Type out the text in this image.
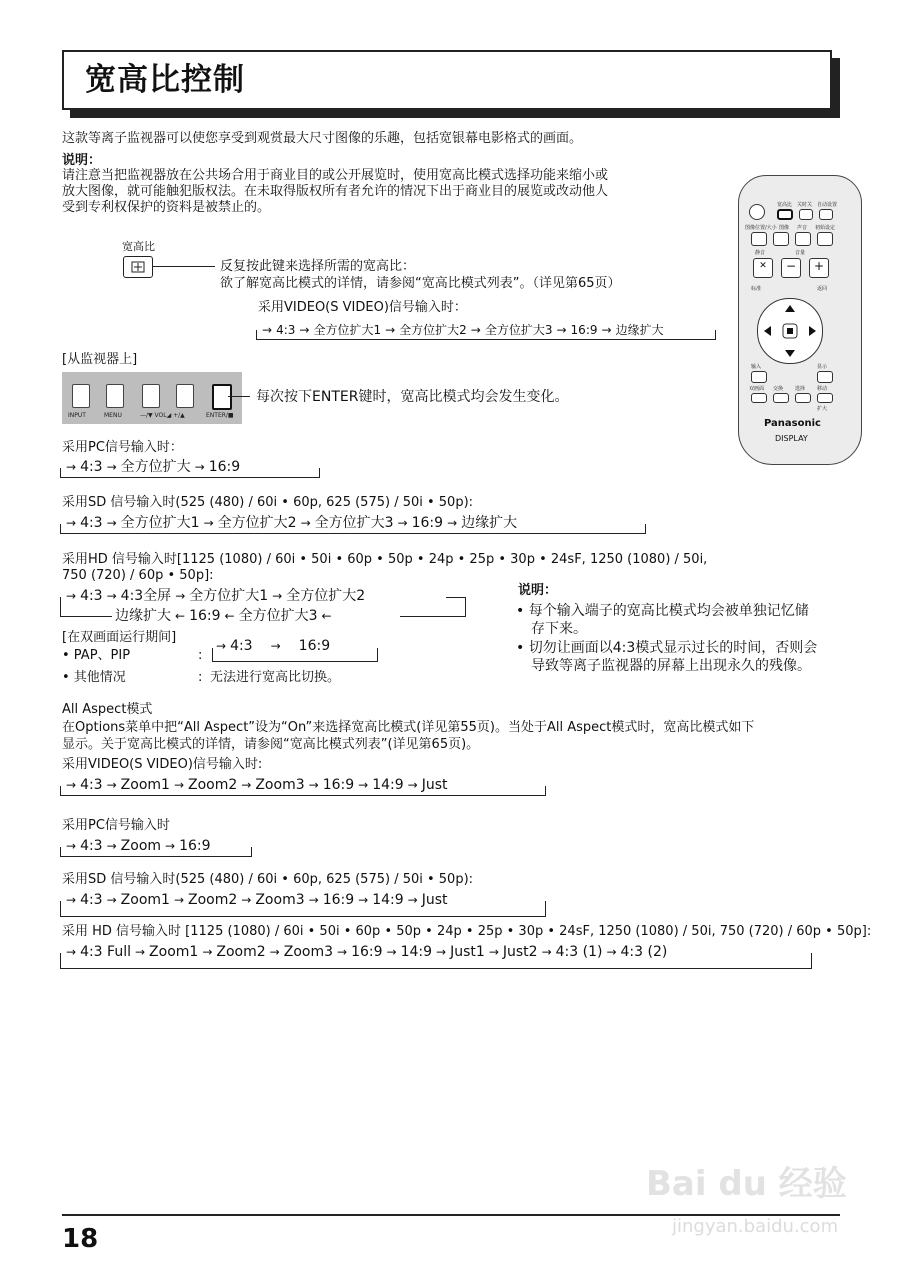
宽高比控制
这款等离子监视器可以使您享受到观赏最大尺寸图像的乐趣，包括宽银幕电影格式的画面。
说明：
请注意当把监视器放在公共场合用于商业目的或公开展览时，使用宽高比模式选择功能来缩小或
放大图像，就可能触犯版权法。在未取得版权所有者允许的情况下出于商业目的展览或改动他人
受到专利权保护的资料是被禁止的。
宽高比
反复按此键来选择所需的宽高比：
欲了解宽高比模式的详情，请参阅“宽高比模式列表”。（详见第65页）
采用VIDEO(S VIDEO)信号输入时：
→ 4:3 → 全方位扩大1 → 全方位扩大2 → 全方位扩大3 → 16:9 → 边缘扩大
[从监视器上]
INPUT	MENU	—/▼ VOL◢ +/▲	ENTER/■
每次按下ENTER键时，宽高比模式均会发生变化。
宽高比 关时关 自动设置
图像位置/大小 图像 声音 初始设定
静音	音量
✕	−	+
标准	返回
输入	显示
双画面 交换 选择 移动
扩大
Panasonic
DISPLAY
采用PC信号输入时：
→ 4:3 → 全方位扩大 → 16:9
采用SD 信号输入时(525 (480) / 60i • 60p, 625 (575) / 50i • 50p):
→ 4:3 → 全方位扩大1 → 全方位扩大2 → 全方位扩大3 → 16:9 → 边缘扩大
采用HD 信号输入时[1125 (1080) / 60i • 50i • 60p • 50p • 24p • 25p • 30p • 24sF, 1250 (1080) / 50i,
750 (720) / 60p • 50p]:
→ 4:3 → 4:3全屏 → 全方位扩大1 → 全方位扩大2
边缘扩大 ← 16:9 ← 全方位扩大3 ←
[在双画面运行期间]
• PAP、PIP	:
→ 4:3 → 16:9
• 其他情况	: 无法进行宽高比切换。
说明：
• 每个输入端子的宽高比模式均会被单独记忆储
存下来。
• 切勿让画面以4:3模式显示过长的时间，否则会
导致等离子监视器的屏幕上出现永久的残像。
All Aspect模式
在Options菜单中把“All Aspect”设为“On”来选择宽高比模式(详见第55页)。当处于All Aspect模式时，宽高比模式如下
显示。关于宽高比模式的详情，请参阅“宽高比模式列表”(详见第65页)。
采用VIDEO(S VIDEO)信号输入时:
→ 4:3 → Zoom1 → Zoom2 → Zoom3 → 16:9 → 14:9 → Just
采用PC信号输入时
→ 4:3 → Zoom → 16:9
采用SD 信号输入时(525 (480) / 60i • 60p, 625 (575) / 50i • 50p):
→ 4:3 → Zoom1 → Zoom2 → Zoom3 → 16:9 → 14:9 → Just
采用 HD 信号输入时 [1125 (1080) / 60i • 50i • 60p • 50p • 24p • 25p • 30p • 24sF, 1250 (1080) / 50i, 750 (720) / 60p • 50p]:
→ 4:3 Full → Zoom1 → Zoom2 → Zoom3 → 16:9 → 14:9 → Just1 → Just2 → 4:3 (1) → 4:3 (2)
Bai du 经验
jingyan.baidu.com
18
